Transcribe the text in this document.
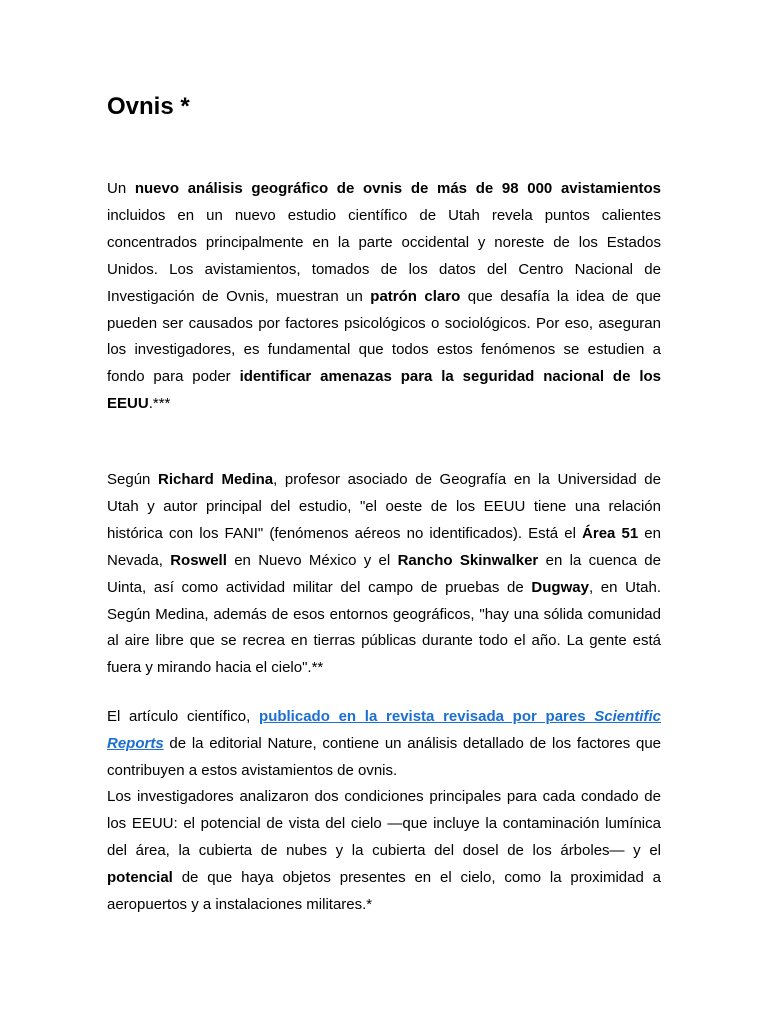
Ovnis *

Un nuevo análisis geográfico de ovnis de más de 98 000 avistamientos incluidos en un nuevo estudio científico de Utah revela puntos calientes concentrados principalmente en la parte occidental y noreste de los Estados Unidos. Los avistamientos, tomados de los datos del Centro Nacional de Investigación de Ovnis, muestran un patrón claro que desafía la idea de que pueden ser causados por factores psicológicos o sociológicos. Por eso, aseguran los investigadores, es fundamental que todos estos fenómenos se estudien a fondo para poder identificar amenazas para la seguridad nacional de los EEUU.***

Según Richard Medina, profesor asociado de Geografía en la Universidad de Utah y autor principal del estudio, "el oeste de los EEUU tiene una relación histórica con los FANI" (fenómenos aéreos no identificados). Está el Área 51 en Nevada, Roswell en Nuevo México y el Rancho Skinwalker en la cuenca de Uinta, así como actividad militar del campo de pruebas de Dugway, en Utah. Según Medina, además de esos entornos geográficos, "hay una sólida comunidad al aire libre que se recrea en tierras públicas durante todo el año. La gente está fuera y mirando hacia el cielo".**

El artículo científico, publicado en la revista revisada por pares Scientific Reports de la editorial Nature, contiene un análisis detallado de los factores que contribuyen a estos avistamientos de ovnis.

Los investigadores analizaron dos condiciones principales para cada condado de los EEUU: el potencial de vista del cielo —que incluye la contaminación lumínica del área, la cubierta de nubes y la cubierta del dosel de los árboles— y el potencial de que haya objetos presentes en el cielo, como la proximidad a aeropuertos y a instalaciones militares.*
